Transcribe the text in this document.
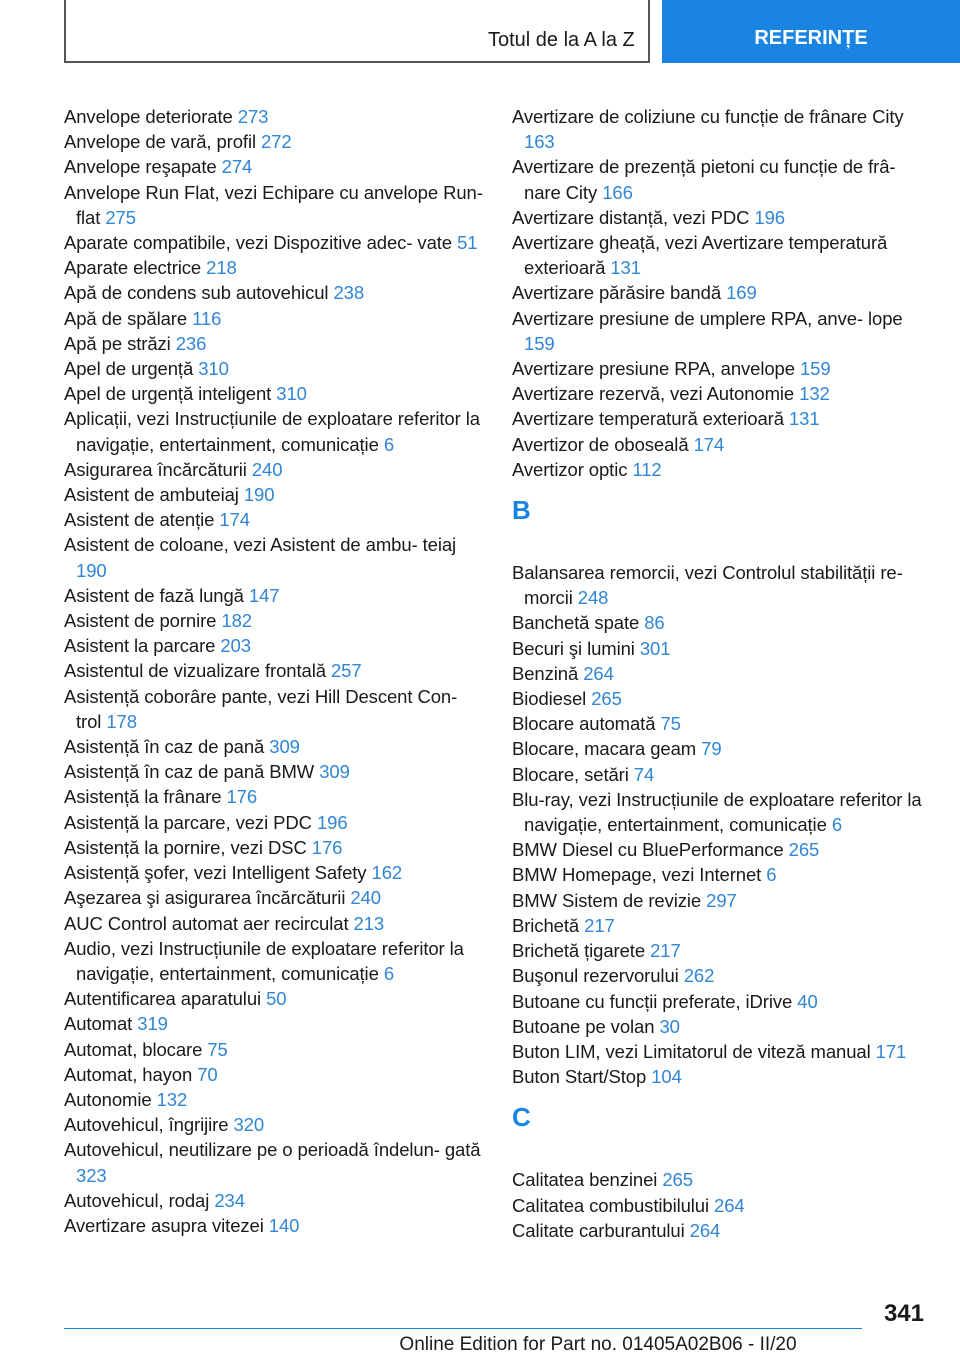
Totul de la A la Z	REFERINȚE
Anvelope deteriorate 273
Anvelope de vară, profil 272
Anvelope reşapate 274
Anvelope Run Flat, vezi Echipare cu anvelope Run-flat 275
Aparate compatibile, vezi Dispozitive adec‐ vate 51
Aparate electrice 218
Apă de condens sub autovehicul 238
Apă de spălare 116
Apă pe străzi 236
Apel de urgență 310
Apel de urgență inteligent 310
Aplicații, vezi Instrucțiunile de exploatare referitor la navigație, entertainment, comunicație 6
Asigurarea încărcăturii 240
Asistent de ambuteiaj 190
Asistent de atenție 174
Asistent de coloane, vezi Asistent de ambu‐ teiaj 190
Asistent de fază lungă 147
Asistent de pornire 182
Asistent la parcare 203
Asistentul de vizualizare frontală 257
Asistență coborâre pante, vezi Hill Descent Con‐ trol 178
Asistență în caz de pană 309
Asistență în caz de pană BMW 309
Asistență la frânare 176
Asistență la parcare, vezi PDC 196
Asistență la pornire, vezi DSC 176
Asistență şofer, vezi Intelligent Safety 162
Aşezarea şi asigurarea încărcăturii 240
AUC Control automat aer recirculat 213
Audio, vezi Instrucțiunile de exploatare referitor la navigație, entertainment, comunicație 6
Autentificarea aparatului 50
Automat 319
Automat, blocare 75
Automat, hayon 70
Autonomie 132
Autovehicul, îngrijire 320
Autovehicul, neutilizare pe o perioadă îndelun‐ gată 323
Autovehicul, rodaj 234
Avertizare asupra vitezei 140
Avertizare de coliziune cu funcție de frânare City 163
Avertizare de prezență pietoni cu funcție de frâ‐ nare City 166
Avertizare distanță, vezi PDC 196
Avertizare gheață, vezi Avertizare temperatură exterioară 131
Avertizare părăsire bandă 169
Avertizare presiune de umplere RPA, anve‐ lope 159
Avertizare presiune RPA, anvelope 159
Avertizare rezervă, vezi Autonomie 132
Avertizare temperatură exterioară 131
Avertizor de oboseală 174
Avertizor optic 112
B
Balansarea remorcii, vezi Controlul stabilității re‐ morcii 248
Banchetă spate 86
Becuri şi lumini 301
Benzină 264
Biodiesel 265
Blocare automată 75
Blocare, macara geam 79
Blocare, setări 74
Blu-ray, vezi Instrucțiunile de exploatare referitor la navigație, entertainment, comunicație 6
BMW Diesel cu BluePerformance 265
BMW Homepage, vezi Internet 6
BMW Sistem de revizie 297
Brichetă 217
Brichetă țigarete 217
Buşonul rezervorului 262
Butoane cu funcții preferate, iDrive 40
Butoane pe volan 30
Buton LIM, vezi Limitatorul de viteză manual 171
Buton Start/Stop 104
C
Calitatea benzinei 265
Calitatea combustibilului 264
Calitate carburantului 264
341
Online Edition for Part no. 01405A02B06 - II/20
